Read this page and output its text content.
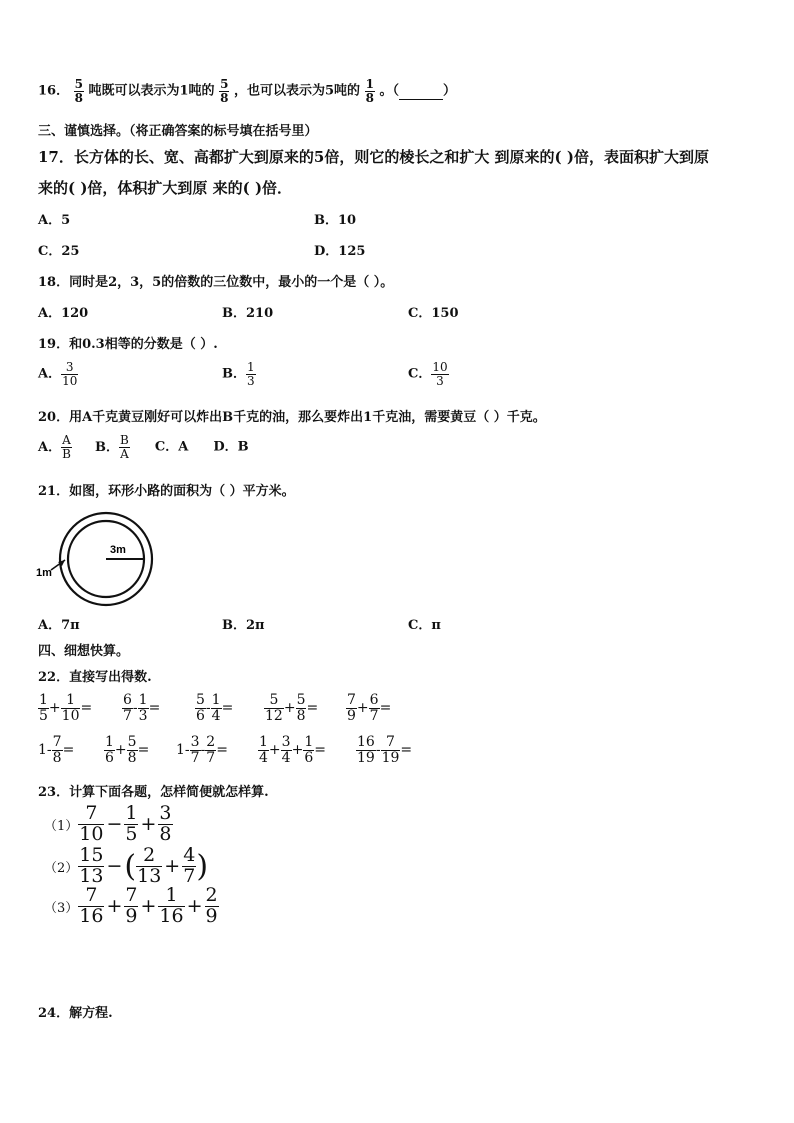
16． $\frac{5}{8}$ 吨既可以表示为1吨的 $\frac{5}{8}$ ，也可以表示为5吨的 $\frac{1}{8}$ 。（	）
三、谨慎选择。（将正确答案的标号填在括号里）
17．长方体的长、宽、高都扩大到原来的5倍，则它的棱长之和扩大 到原来的( )倍，表面积扩大到原
来的( )倍，体积扩大到原 来的( )倍．
A．5	B．10
C．25	D．125
18．同时是2，3，5的倍数的三位数中，最小的一个是（ ）。
A．120	B．210	C．150
19．和0.3相等的分数是（ ）.
A． $\frac{3}{10}$	B． $\frac{1}{3}$	C． $\frac{10}{3}$
20．用A千克黄豆刚好可以炸出B千克的油，那么要炸出1千克油，需要黄豆（ ）千克。
A． $\frac{A}{B}$ B． $\frac{B}{A}$ C．A D．B
21．如图，环形小路的面积为（ ）平方米。
3m
1m
A．7π	B．2π	C．π
四、细想快算。
22．直接写出得数.
$\frac{1}{5} + \frac{1}{10} = \frac{6}{7} - \frac{1}{3} = \frac{5}{6} - \frac{1}{4} = \frac{5}{12} + \frac{5}{8} = \frac{7}{9} + \frac{6}{7}$ =
$1- \frac{7}{8} = \frac{1}{6} + \frac{5}{8} = 1- \frac{3}{7} - \frac{2}{7} = \frac{1}{4} + \frac{3}{4} + \frac{1}{6} = \frac{16}{19} - \frac{7}{19}$ =
23．计算下面各题，怎样简便就怎样算.
$(1) \frac{7}{10} - \frac{1}{5} + \frac{3}{8}$
$(2) \frac{15}{13}$ −( $\frac{2}{13} + \frac{4}{7}$ )
$(3) \frac{7}{16} + \frac{7}{9} + \frac{1}{16} + \frac{2}{9}$
24．解方程.
